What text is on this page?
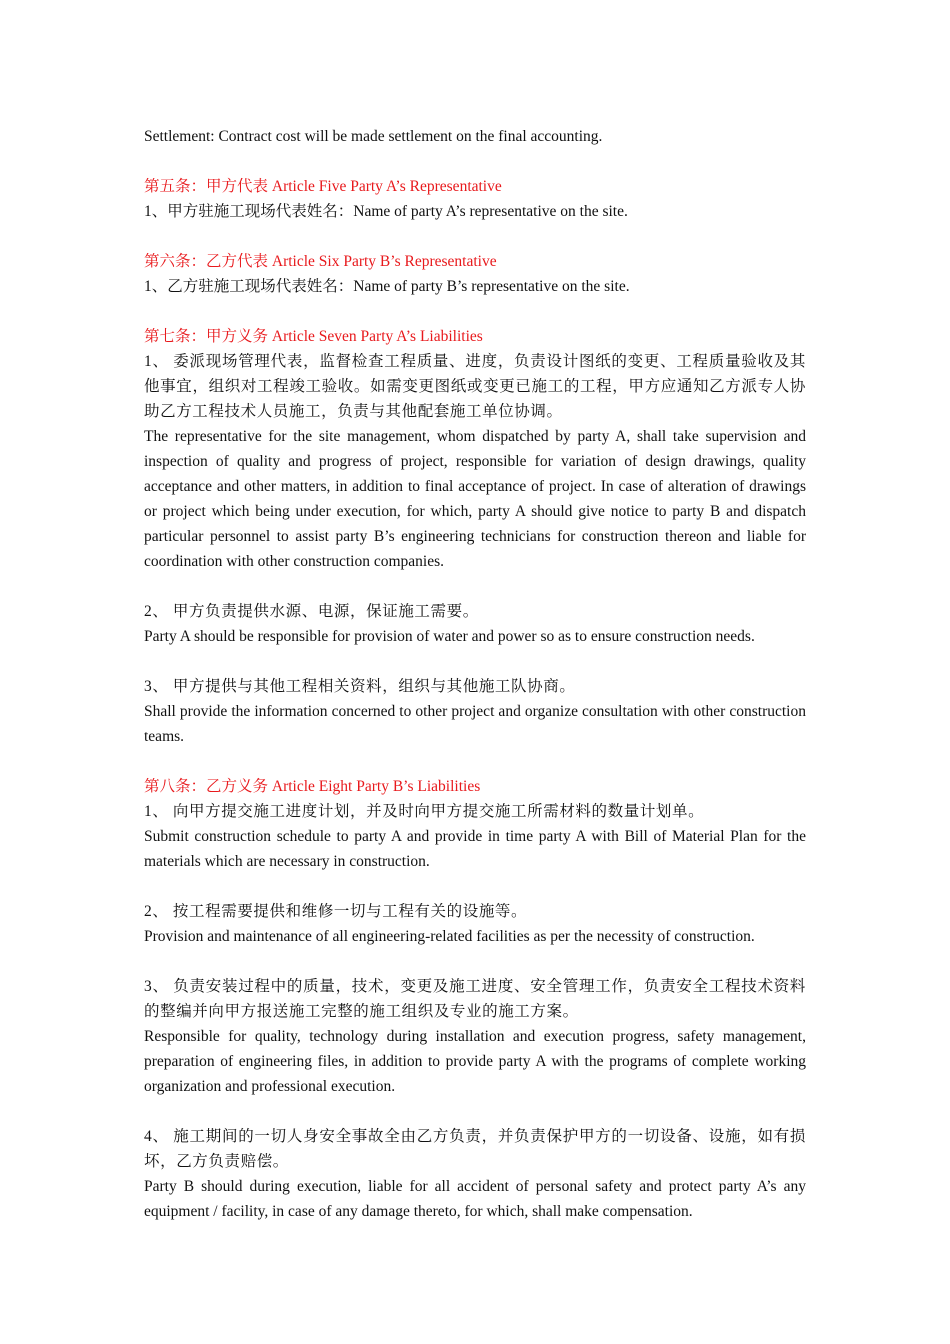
Settlement: Contract cost will be made settlement on the final accounting.

第五条：甲方代表 Article Five Party A’s Representative

1、甲方驻施工现场代表姓名：Name of party A’s representative on the site.

第六条：乙方代表 Article Six Party B’s Representative

1、乙方驻施工现场代表姓名：Name of party B’s representative on the site.

第七条：甲方义务 Article Seven Party A’s Liabilities

1、 委派现场管理代表，监督检查工程质量、进度，负责设计图纸的变更、工程质量验收及其他事宜，组织对工程竣工验收。如需变更图纸或变更已施工的工程，甲方应通知乙方派专人协助乙方工程技术人员施工，负责与其他配套施工单位协调。

The representative for the site management, whom dispatched by party A, shall take supervision and inspection of quality and progress of project, responsible for variation of design drawings, quality acceptance and other matters, in addition to final acceptance of project. In case of alteration of drawings or project which being under execution, for which, party A should give notice to party B and dispatch particular personnel to assist party B’s engineering technicians for construction thereon and liable for coordination with other construction companies.

2、 甲方负责提供水源、电源，保证施工需要。

Party A should be responsible for provision of water and power so as to ensure construction needs.

3、 甲方提供与其他工程相关资料，组织与其他施工队协商。

Shall provide the information concerned to other project and organize consultation with other construction teams.

第八条：乙方义务 Article Eight Party B’s Liabilities

1、 向甲方提交施工进度计划，并及时向甲方提交施工所需材料的数量计划单。

Submit construction schedule to party A and provide in time party A with Bill of Material Plan for the materials which are necessary in construction.

2、 按工程需要提供和维修一切与工程有关的设施等。

Provision and maintenance of all engineering-related facilities as per the necessity of construction.

3、 负责安装过程中的质量，技术，变更及施工进度、安全管理工作，负责安全工程技术资料的整编并向甲方报送施工完整的施工组织及专业的施工方案。

Responsible for quality, technology during installation and execution progress, safety management, preparation of engineering files, in addition to provide party A with the programs of complete working organization and professional execution.

4、 施工期间的一切人身安全事故全由乙方负责，并负责保护甲方的一切设备、设施，如有损坏，乙方负责赔偿。

Party B should during execution, liable for all accident of personal safety and protect party A’s any equipment / facility, in case of any damage thereto, for which, shall make compensation.
